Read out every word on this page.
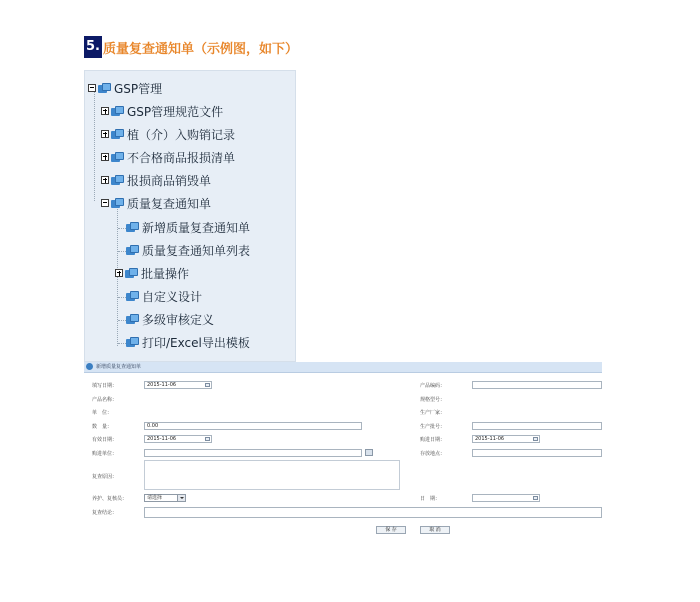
5. 质量复查通知单（示例图，如下）
GSP管理
GSP管理规范文件
植（介）入购销记录
不合格商品报损清单
报损商品销毁单
质量复查通知单
新增质量复查通知单
质量复查通知单列表
批量操作
自定义设计
多级审核定义
打印/Excel导出模板
新增质量复查通知单
填写日期：	2015-11-06	产品编码：
产品名称：	规格型号：
单　位：	生产厂家：
数　量：	0.00	生产批号：
有效日期：	2015-11-06	购进日期：	2015-11-06
购进单位：	存放地点：
复查原因：
养护、复核员：	请选择	日　期：
复查结论：
保 存	取 消
